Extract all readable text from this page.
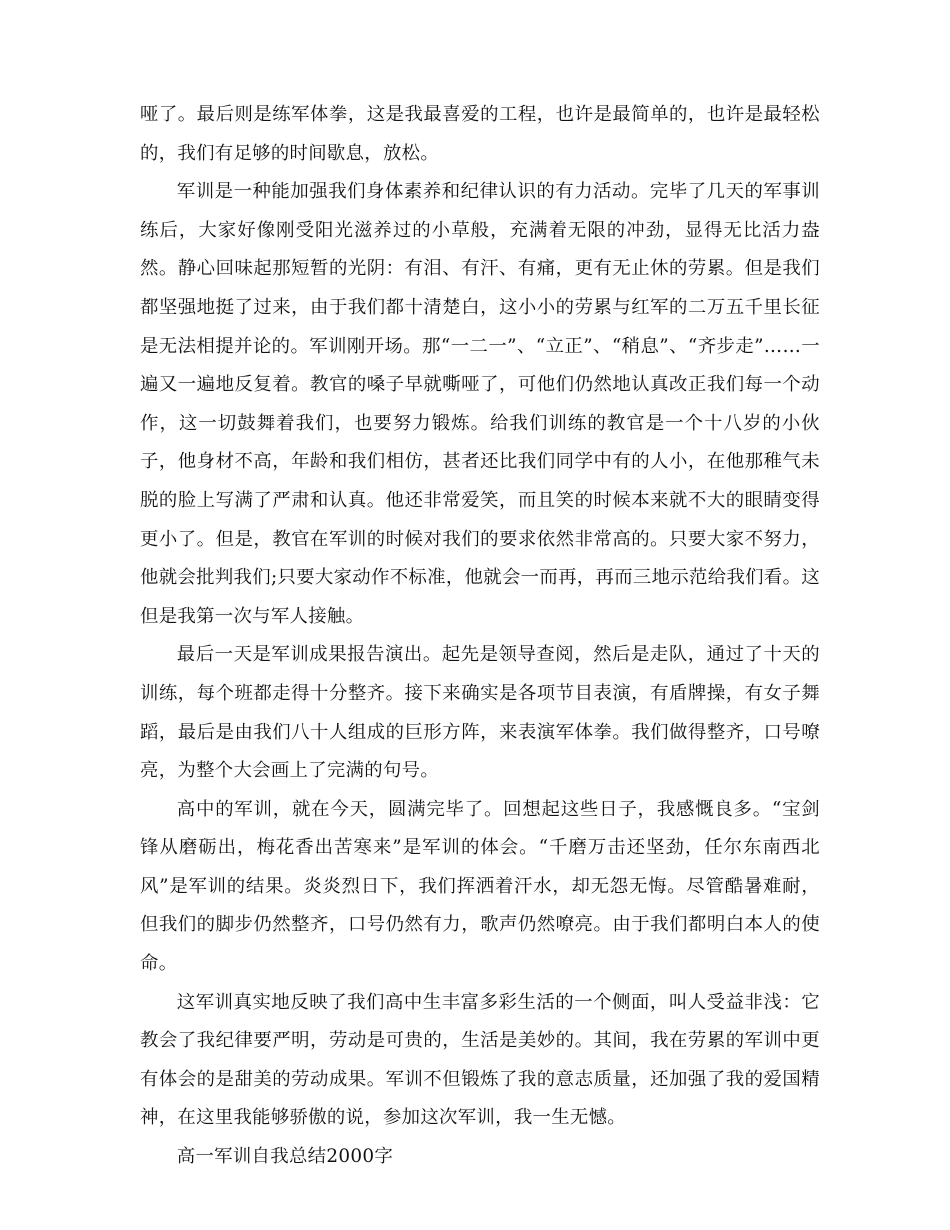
哑了。最后则是练军体拳，这是我最喜爱的工程，也许是最简单的，也许是最轻松的，我们有足够的时间歇息，放松。

军训是一种能加强我们身体素养和纪律认识的有力活动。完毕了几天的军事训练后，大家好像刚受阳光滋养过的小草般，充满着无限的冲劲，显得无比活力盎然。静心回味起那短暂的光阴：有泪、有汗、有痛，更有无止休的劳累。但是我们都坚强地挺了过来，由于我们都十清楚白，这小小的劳累与红军的二万五千里长征是无法相提并论的。军训刚开场。那“一二一”、“立正”、“稍息”、“齐步走”……一遍又一遍地反复着。教官的嗓子早就嘶哑了，可他们仍然地认真改正我们每一个动作，这一切鼓舞着我们，也要努力锻炼。给我们训练的教官是一个十八岁的小伙子，他身材不高，年龄和我们相仿，甚者还比我们同学中有的人小，在他那稚气未脱的脸上写满了严肃和认真。他还非常爱笑，而且笑的时候本来就不大的眼睛变得更小了。但是，教官在军训的时候对我们的要求依然非常高的。只要大家不努力，他就会批判我们;只要大家动作不标准，他就会一而再，再而三地示范给我们看。这但是我第一次与军人接触。

最后一天是军训成果报告演出。起先是领导查阅，然后是走队，通过了十天的训练，每个班都走得十分整齐。接下来确实是各项节目表演，有盾牌操，有女子舞蹈，最后是由我们八十人组成的巨形方阵，来表演军体拳。我们做得整齐，口号嘹亮，为整个大会画上了完满的句号。

高中的军训，就在今天，圆满完毕了。回想起这些日子，我感慨良多。“宝剑锋从磨砺出，梅花香出苦寒来”是军训的体会。“千磨万击还坚劲，任尔东南西北风”是军训的结果。炎炎烈日下，我们挥洒着汗水，却无怨无悔。尽管酷暑难耐，但我们的脚步仍然整齐，口号仍然有力，歌声仍然嘹亮。由于我们都明白本人的使命。

这军训真实地反映了我们高中生丰富多彩生活的一个侧面，叫人受益非浅：它教会了我纪律要严明，劳动是可贵的，生活是美妙的。其间，我在劳累的军训中更有体会的是甜美的劳动成果。军训不但锻炼了我的意志质量，还加强了我的爱国精神，在这里我能够骄傲的说，参加这次军训，我一生无憾。

高一军训自我总结2000字
